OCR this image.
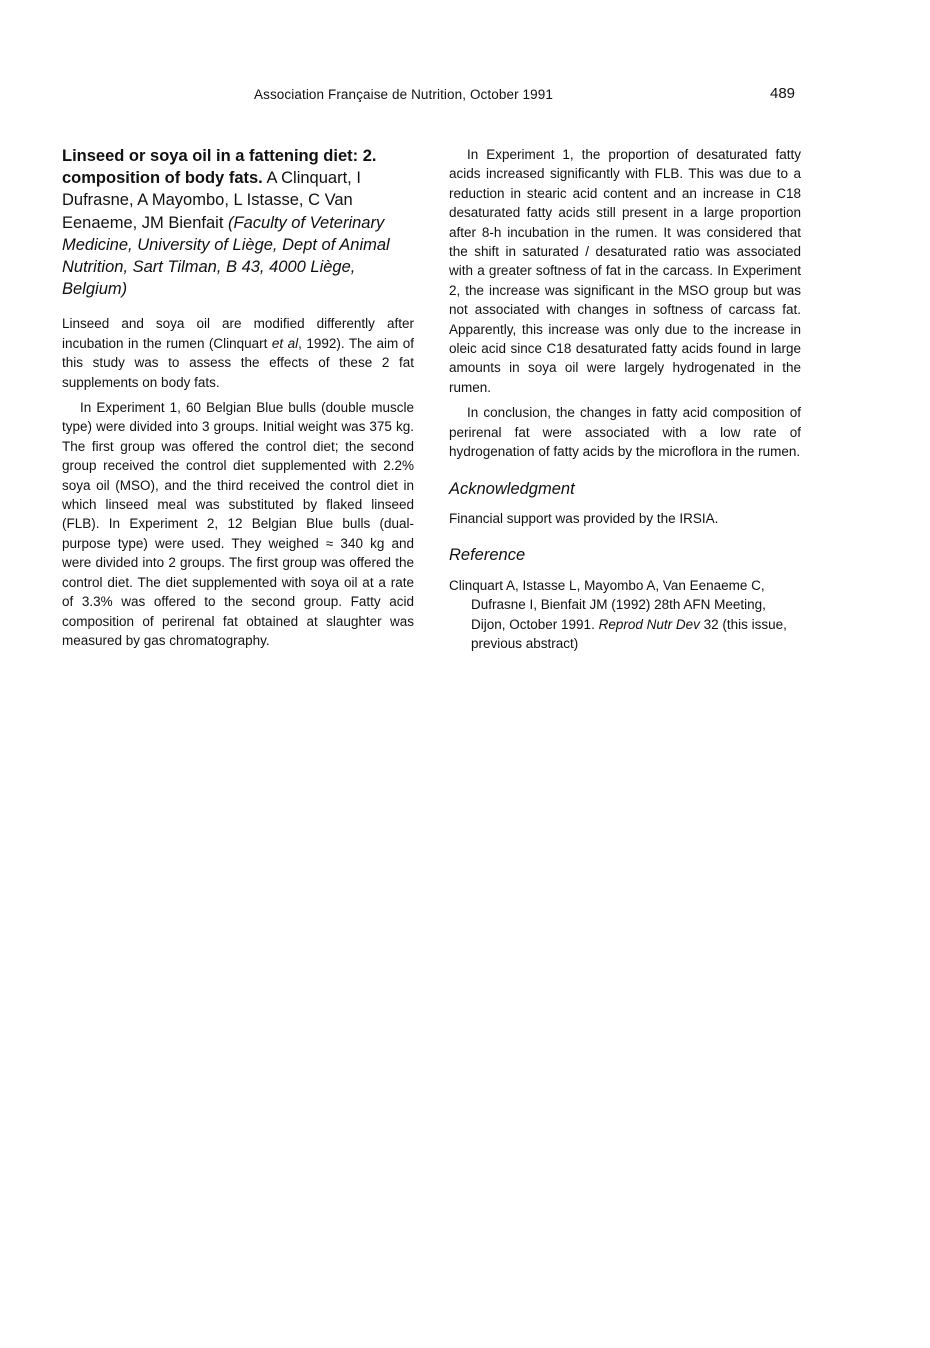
Association Française de Nutrition, October 1991	489
Linseed or soya oil in a fattening diet: 2. composition of body fats. A Clinquart, I Dufrasne, A Mayombo, L Istasse, C Van Eenaeme, JM Bienfait (Faculty of Veterinary Medicine, University of Liège, Dept of Animal Nutrition, Sart Tilman, B 43, 4000 Liège, Belgium)

Linseed and soya oil are modified differently after incubation in the rumen (Clinquart et al, 1992). The aim of this study was to assess the effects of these 2 fat supplements on body fats.

In Experiment 1, 60 Belgian Blue bulls (double muscle type) were divided into 3 groups. Initial weight was 375 kg. The first group was offered the control diet; the second group received the control diet supplemented with 2.2% soya oil (MSO), and the third received the control diet in which linseed meal was substituted by flaked linseed (FLB). In Experiment 2, 12 Belgian Blue bulls (dual-purpose type) were used. They weighed ≈ 340 kg and were divided into 2 groups. The first group was offered the control diet. The diet supplemented with soya oil at a rate of 3.3% was offered to the second group. Fatty acid composition of perirenal fat obtained at slaughter was measured by gas chromatography.

In Experiment 1, the proportion of desaturated fatty acids increased significantly with FLB. This was due to a reduction in stearic acid content and an increase in C18 desaturated fatty acids still present in a large proportion after 8-h incubation in the rumen. It was considered that the shift in saturated / desaturated ratio was associated with a greater softness of fat in the carcass. In Experiment 2, the increase was significant in the MSO group but was not associated with changes in softness of carcass fat. Apparently, this increase was only due to the increase in oleic acid since C18 desaturated fatty acids found in large amounts in soya oil were largely hydrogenated in the rumen.

In conclusion, the changes in fatty acid composition of perirenal fat were associated with a low rate of hydrogenation of fatty acids by the microflora in the rumen.

Acknowledgment

Financial support was provided by the IRSIA.

Reference

Clinquart A, Istasse L, Mayombo A, Van Eenaeme C, Dufrasne I, Bienfait JM (1992) 28th AFN Meeting, Dijon, October 1991. Reprod Nutr Dev 32 (this issue, previous abstract)
